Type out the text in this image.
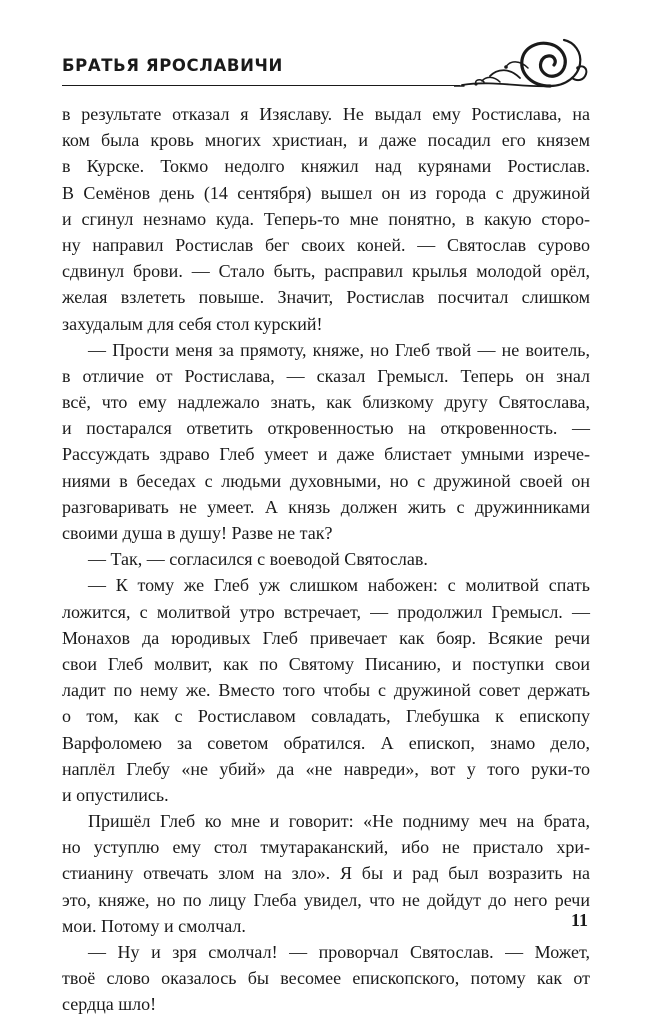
БРАТЬЯ ЯРОСЛАВИЧИ
в результате отказал я Изяславу. Не выдал ему Ростислава, на
ком была кровь многих христиан, и даже посадил его князем
в Курске. Токмо недолго княжил над курянами Ростислав.
В Семёнов день (14 сентября) вышел он из города с дружиной
и сгинул незнамо куда. Теперь-то мне понятно, в какую сторо-
ну направил Ростислав бег своих коней. — Святослав сурово
сдвинул брови. — Стало быть, расправил крылья молодой орёл,
желая взлететь повыше. Значит, Ростислав посчитал слишком
захудалым для себя стол курский!
— Прости меня за прямоту, княже, но Глеб твой — не воитель,
в отличие от Ростислава, — сказал Гремысл. Теперь он знал
всё, что ему надлежало знать, как близкому другу Святослава,
и постарался ответить откровенностью на откровенность. —
Рассуждать здраво Глеб умеет и даже блистает умными изрече-
ниями в беседах с людьми духовными, но с дружиной своей он
разговаривать не умеет. А князь должен жить с дружинниками
своими душа в душу! Разве не так?
— Так, — согласился с воеводой Святослав.
— К тому же Глеб уж слишком набожен: с молитвой спать
ложится, с молитвой утро встречает, — продолжил Гремысл. —
Монахов да юродивых Глеб привечает как бояр. Всякие речи
свои Глеб молвит, как по Святому Писанию, и поступки свои
ладит по нему же. Вместо того чтобы с дружиной совет держать
о том, как с Ростиславом совладать, Глебушка к епископу
Варфоломею за советом обратился. А епископ, знамо дело,
наплёл Глебу «не убий» да «не навреди», вот у того руки-то
и опустились.
Пришёл Глеб ко мне и говорит: «Не подниму меч на брата,
но уступлю ему стол тмутараканский, ибо не пристало хри-
стианину отвечать злом на зло». Я бы и рад был возразить на
это, княже, но по лицу Глеба увидел, что не дойдут до него речи
мои. Потому и смолчал.
— Ну и зря смолчал! — проворчал Святослав. — Может,
твоё слово оказалось бы весомее епископского, потому как от
сердца шло!
11
